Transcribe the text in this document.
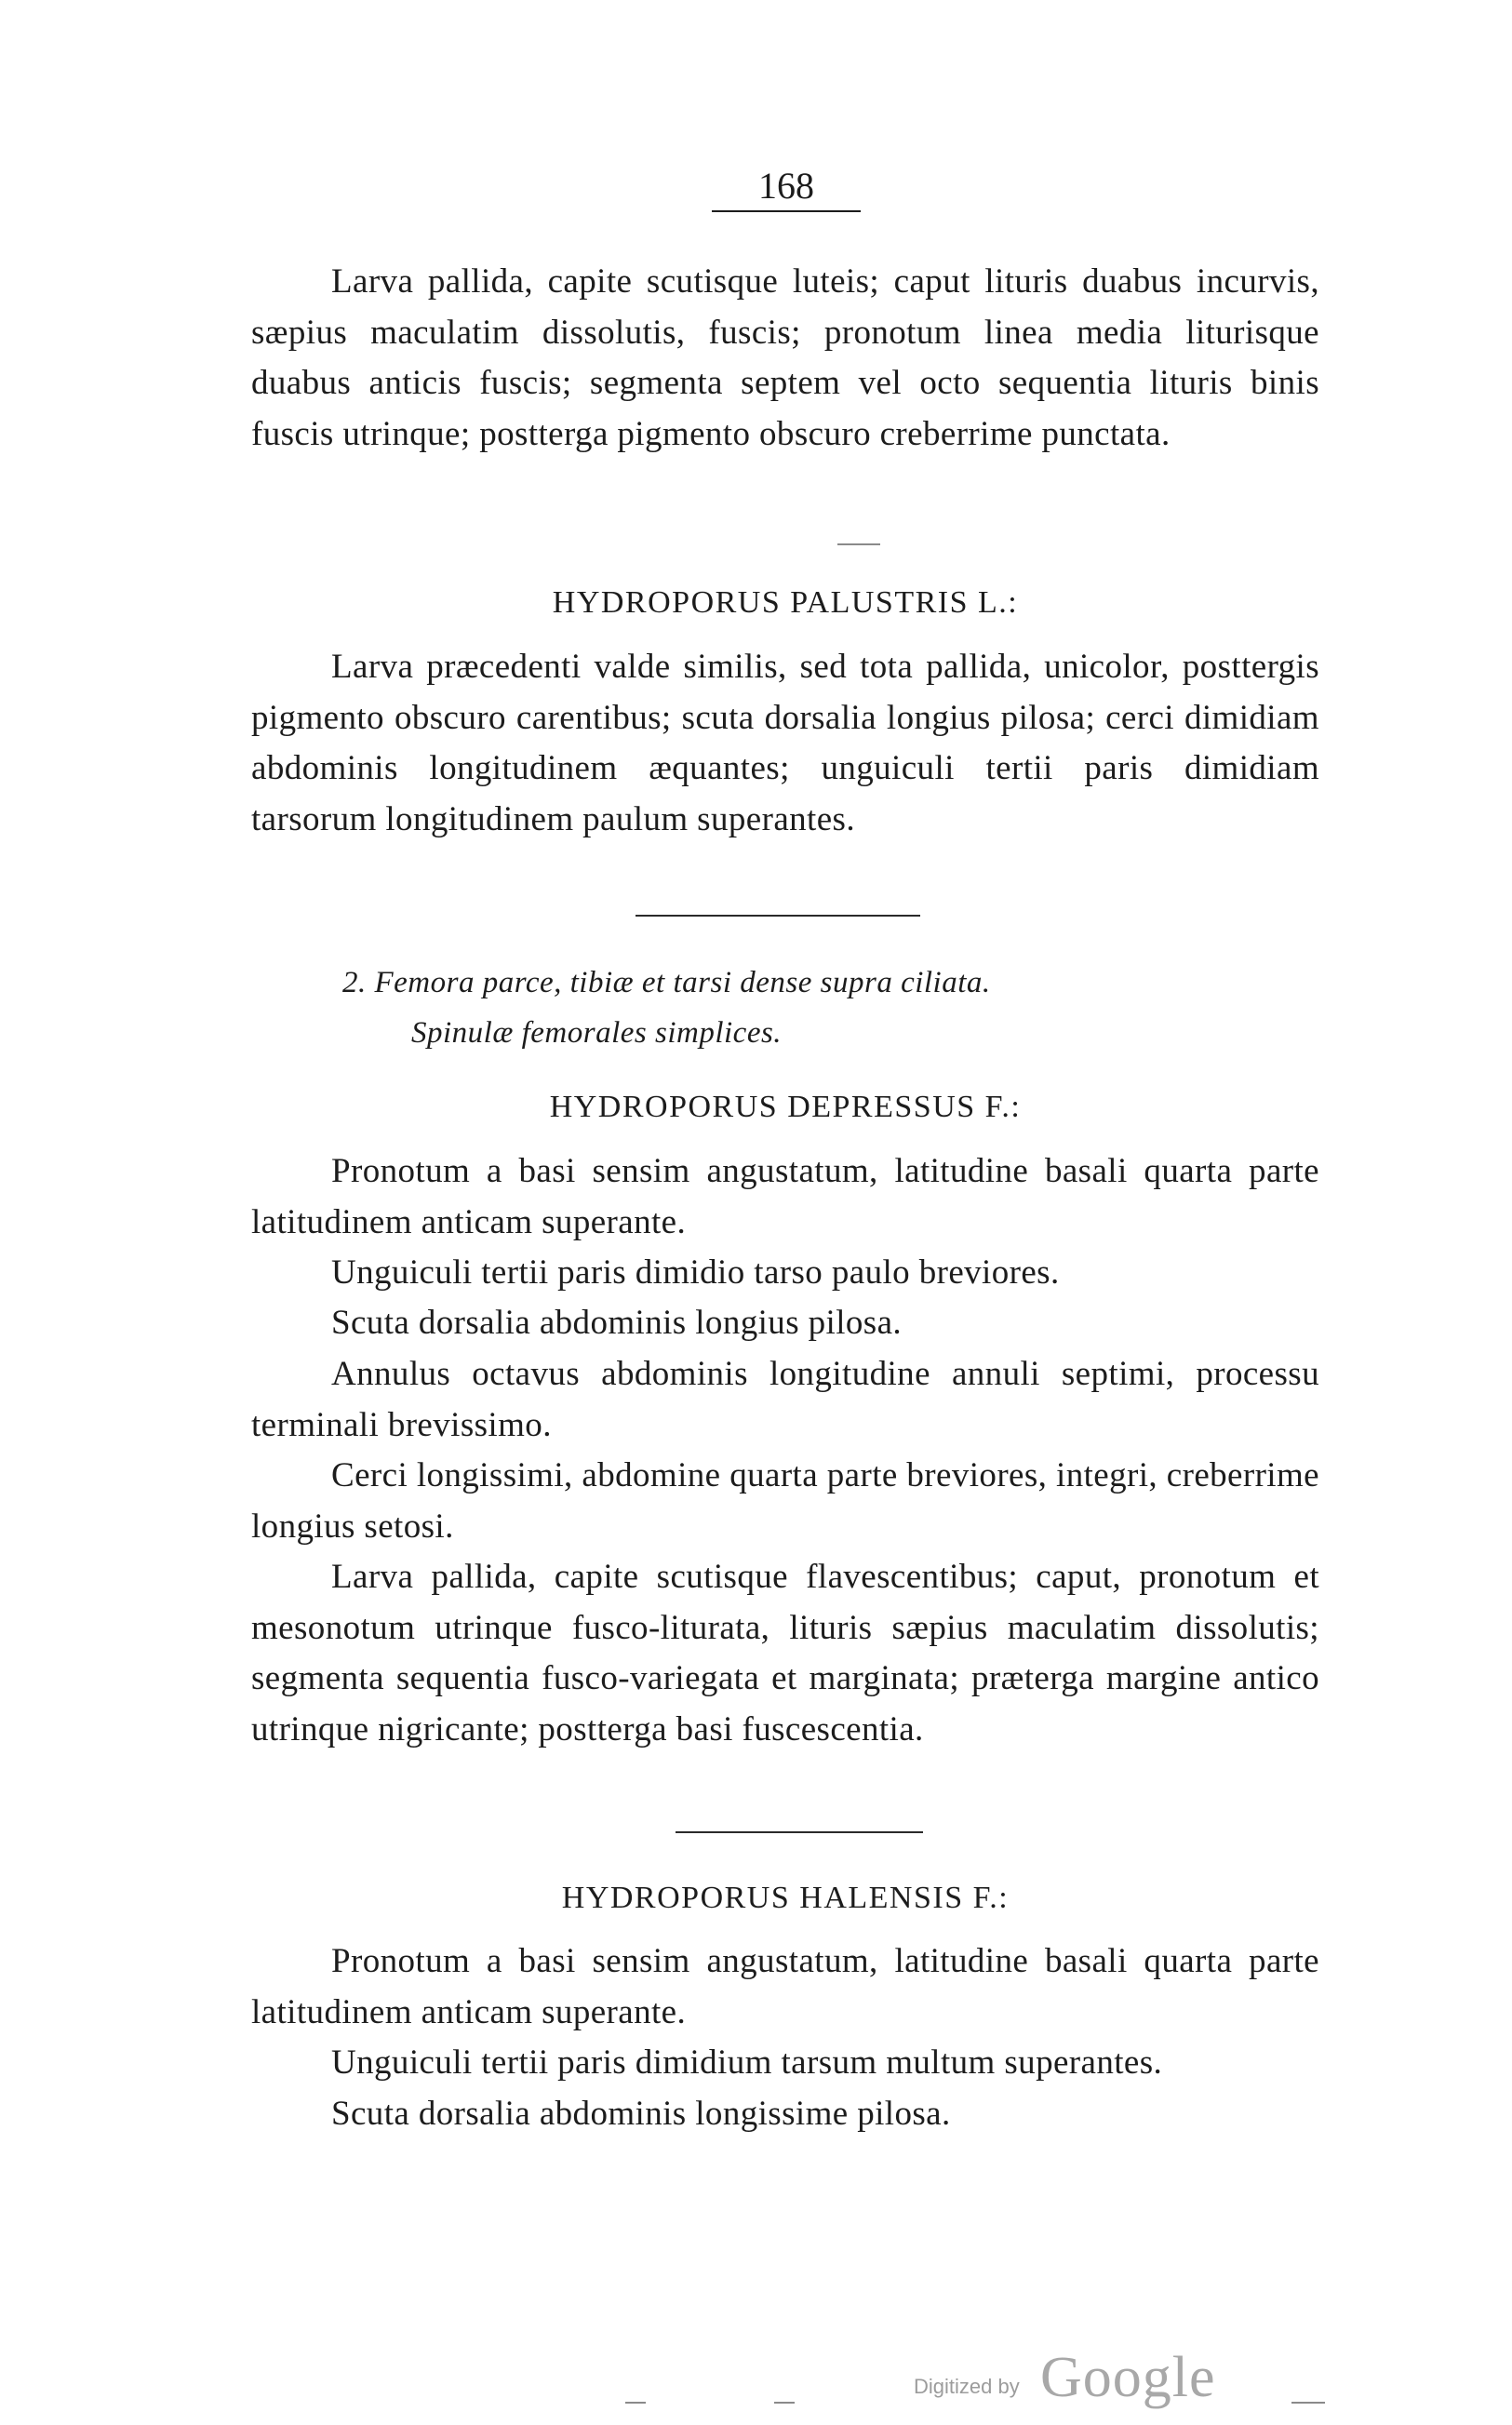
168
Larva pallida, capite scutisque luteis; caput lituris duabus incurvis, sæpius maculatim dissolutis, fuscis; pronotum linea media liturisque duabus anticis fuscis; segmenta septem vel octo sequentia lituris binis fuscis utrinque; postterga pigmento obscuro creberrime punctata.
HYDROPORUS PALUSTRIS L.:
Larva præcedenti valde similis, sed tota pallida, unicolor, posttergis pigmento obscuro carentibus; scuta dorsalia longius pilosa; cerci dimidiam abdominis longitudinem æquantes; unguiculi tertii paris dimidiam tarsorum longitudinem paulum superantes.
2. Femora parce, tibiæ et tarsi dense supra ciliata.
Spinulæ femorales simplices.
HYDROPORUS DEPRESSUS F.:
Pronotum a basi sensim angustatum, latitudine basali quarta parte latitudinem anticam superante.
Unguiculi tertii paris dimidio tarso paulo breviores.
Scuta dorsalia abdominis longius pilosa.
Annulus octavus abdominis longitudine annuli septimi, processu terminali brevissimo.
Cerci longissimi, abdomine quarta parte breviores, integri, creberrime longius setosi.
Larva pallida, capite scutisque flavescentibus; caput, pronotum et mesonotum utrinque fusco-liturata, lituris sæpius maculatim dissolutis; segmenta sequentia fusco-variegata et marginata; præterga margine antico utrinque nigricante; postterga basi fuscescentia.
HYDROPORUS HALENSIS F.:
Pronotum a basi sensim angustatum, latitudine basali quarta parte latitudinem anticam superante.
Unguiculi tertii paris dimidium tarsum multum superantes.
Scuta dorsalia abdominis longissime pilosa.
Digitized by Google
